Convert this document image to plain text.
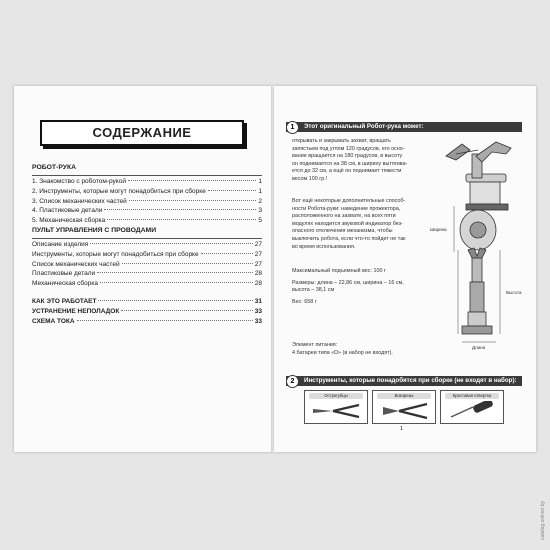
СОДЕРЖАНИЕ
РОБОТ-РУКА
1. Знакомство с роботом-рукой	1
2. Инструменты, которые могут понадобиться при сборке	1
3. Список механических частей	2
4. Пластиковые детали	3
5. Механическая сборка	5
ПУЛЬТ УПРАВЛЕНИЯ С ПРОВОДАМИ
Описание изделия	27
Инструменты, которые могут понадобиться при сборке	27
Список механических частей	27
Пластиковые детали	28
Механическая сборка	28
КАК ЭТО РАБОТАЕТ	31
УСТРАНЕНИЕ НЕПОЛАДОК	33
СХЕМА ТОКА	33
1	Этот оригинальный Робот-рука может:
открывать и закрывать захват, вращать
запястьем под углом 120 градусов, его осно-
вание вращается на 180 градусов, в высоту
он поднимается на 38 см, в ширину вытягива-
ется до 32 см, а ещё он поднимает тяжести
весом 100 гр.!
Вот ещё некоторые дополнительные способ-
ности Робота-руки: наведение прожектора,
расположенного на захвате, на всех пяти
модулях находится звуковой индикатор без-
опасного отключения механизма, чтобы
выключить робота, если что-то пойдет не так
во время использования.
Максимальный подъемный вес: 100 г
Размеры: длина – 22,86 см, ширина – 16 см,
высота – 38,1 см
Вес: 658 г
Элемент питания:
4 батареи типа «D» (в набор не входят).
Ширина
Высота
Длина
2	Инструменты, которые понадобятся при сборке (не входят в набор):
Острогубцы	Бокорезы	Крестовая отвертка
1
catalog.onliner.by
